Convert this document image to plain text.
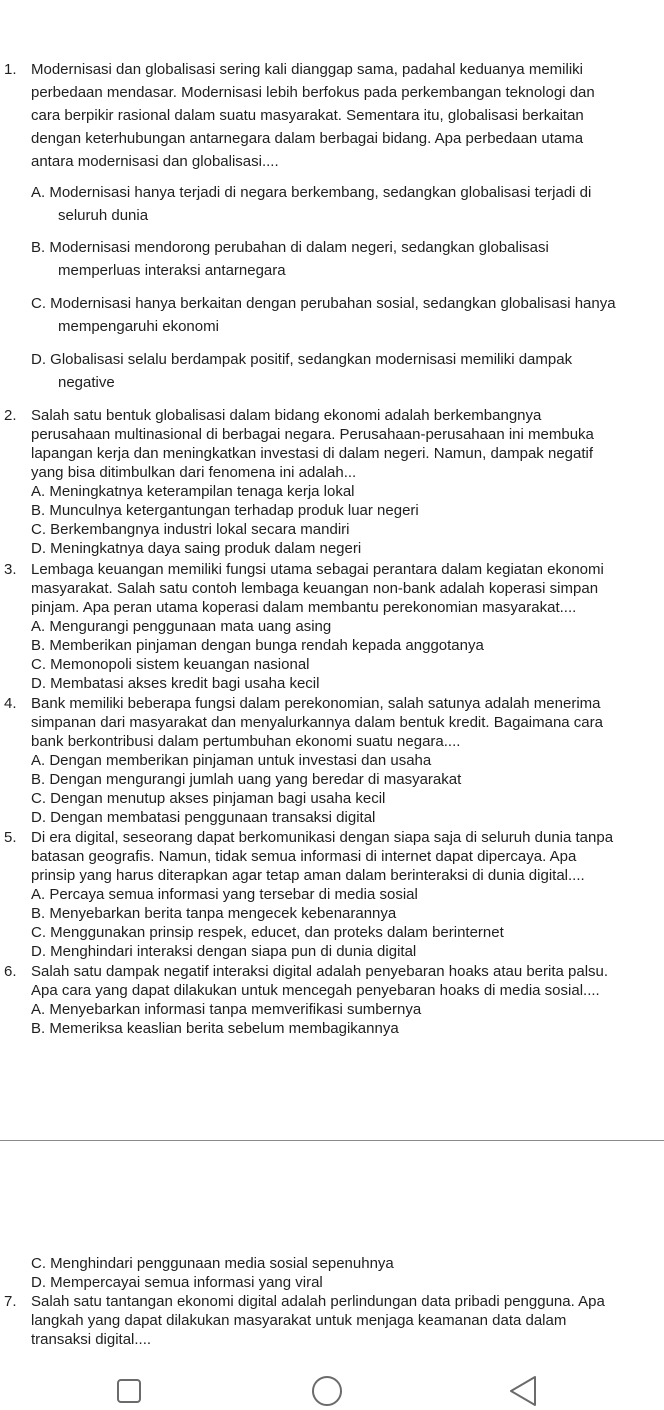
1. Modernisasi dan globalisasi sering kali dianggap sama, padahal keduanya memiliki
perbedaan mendasar. Modernisasi lebih berfokus pada perkembangan teknologi dan
cara berpikir rasional dalam suatu masyarakat. Sementara itu, globalisasi berkaitan
dengan keterhubungan antarnegara dalam berbagai bidang. Apa perbedaan utama
antara modernisasi dan globalisasi....
A. Modernisasi hanya terjadi di negara berkembang, sedangkan globalisasi terjadi di
seluruh dunia
B. Modernisasi mendorong perubahan di dalam negeri, sedangkan globalisasi
memperluas interaksi antarnegara
C. Modernisasi hanya berkaitan dengan perubahan sosial, sedangkan globalisasi hanya
mempengaruhi ekonomi
D. Globalisasi selalu berdampak positif, sedangkan modernisasi memiliki dampak
negative
2. Salah satu bentuk globalisasi dalam bidang ekonomi adalah berkembangnya
perusahaan multinasional di berbagai negara. Perusahaan-perusahaan ini membuka
lapangan kerja dan meningkatkan investasi di dalam negeri. Namun, dampak negatif
yang bisa ditimbulkan dari fenomena ini adalah...
A. Meningkatnya keterampilan tenaga kerja lokal
B. Munculnya ketergantungan terhadap produk luar negeri
C. Berkembangnya industri lokal secara mandiri
D. Meningkatnya daya saing produk dalam negeri
3. Lembaga keuangan memiliki fungsi utama sebagai perantara dalam kegiatan ekonomi
masyarakat. Salah satu contoh lembaga keuangan non-bank adalah koperasi simpan
pinjam. Apa peran utama koperasi dalam membantu perekonomian masyarakat....
A. Mengurangi penggunaan mata uang asing
B. Memberikan pinjaman dengan bunga rendah kepada anggotanya
C. Memonopoli sistem keuangan nasional
D. Membatasi akses kredit bagi usaha kecil
4. Bank memiliki beberapa fungsi dalam perekonomian, salah satunya adalah menerima
simpanan dari masyarakat dan menyalurkannya dalam bentuk kredit. Bagaimana cara
bank berkontribusi dalam pertumbuhan ekonomi suatu negara....
A. Dengan memberikan pinjaman untuk investasi dan usaha
B. Dengan mengurangi jumlah uang yang beredar di masyarakat
C. Dengan menutup akses pinjaman bagi usaha kecil
D. Dengan membatasi penggunaan transaksi digital
5. Di era digital, seseorang dapat berkomunikasi dengan siapa saja di seluruh dunia tanpa
batasan geografis. Namun, tidak semua informasi di internet dapat dipercaya. Apa
prinsip yang harus diterapkan agar tetap aman dalam berinteraksi di dunia digital....
A. Percaya semua informasi yang tersebar di media sosial
B. Menyebarkan berita tanpa mengecek kebenarannya
C. Menggunakan prinsip respek, educet, dan proteks dalam berinternet
D. Menghindari interaksi dengan siapa pun di dunia digital
6. Salah satu dampak negatif interaksi digital adalah penyebaran hoaks atau berita palsu.
Apa cara yang dapat dilakukan untuk mencegah penyebaran hoaks di media sosial....
A. Menyebarkan informasi tanpa memverifikasi sumbernya
B. Memeriksa keaslian berita sebelum membagikannya
C. Menghindari penggunaan media sosial sepenuhnya
D. Mempercayai semua informasi yang viral
7. Salah satu tantangan ekonomi digital adalah perlindungan data pribadi pengguna. Apa
langkah yang dapat dilakukan masyarakat untuk menjaga keamanan data dalam
transaksi digital....
